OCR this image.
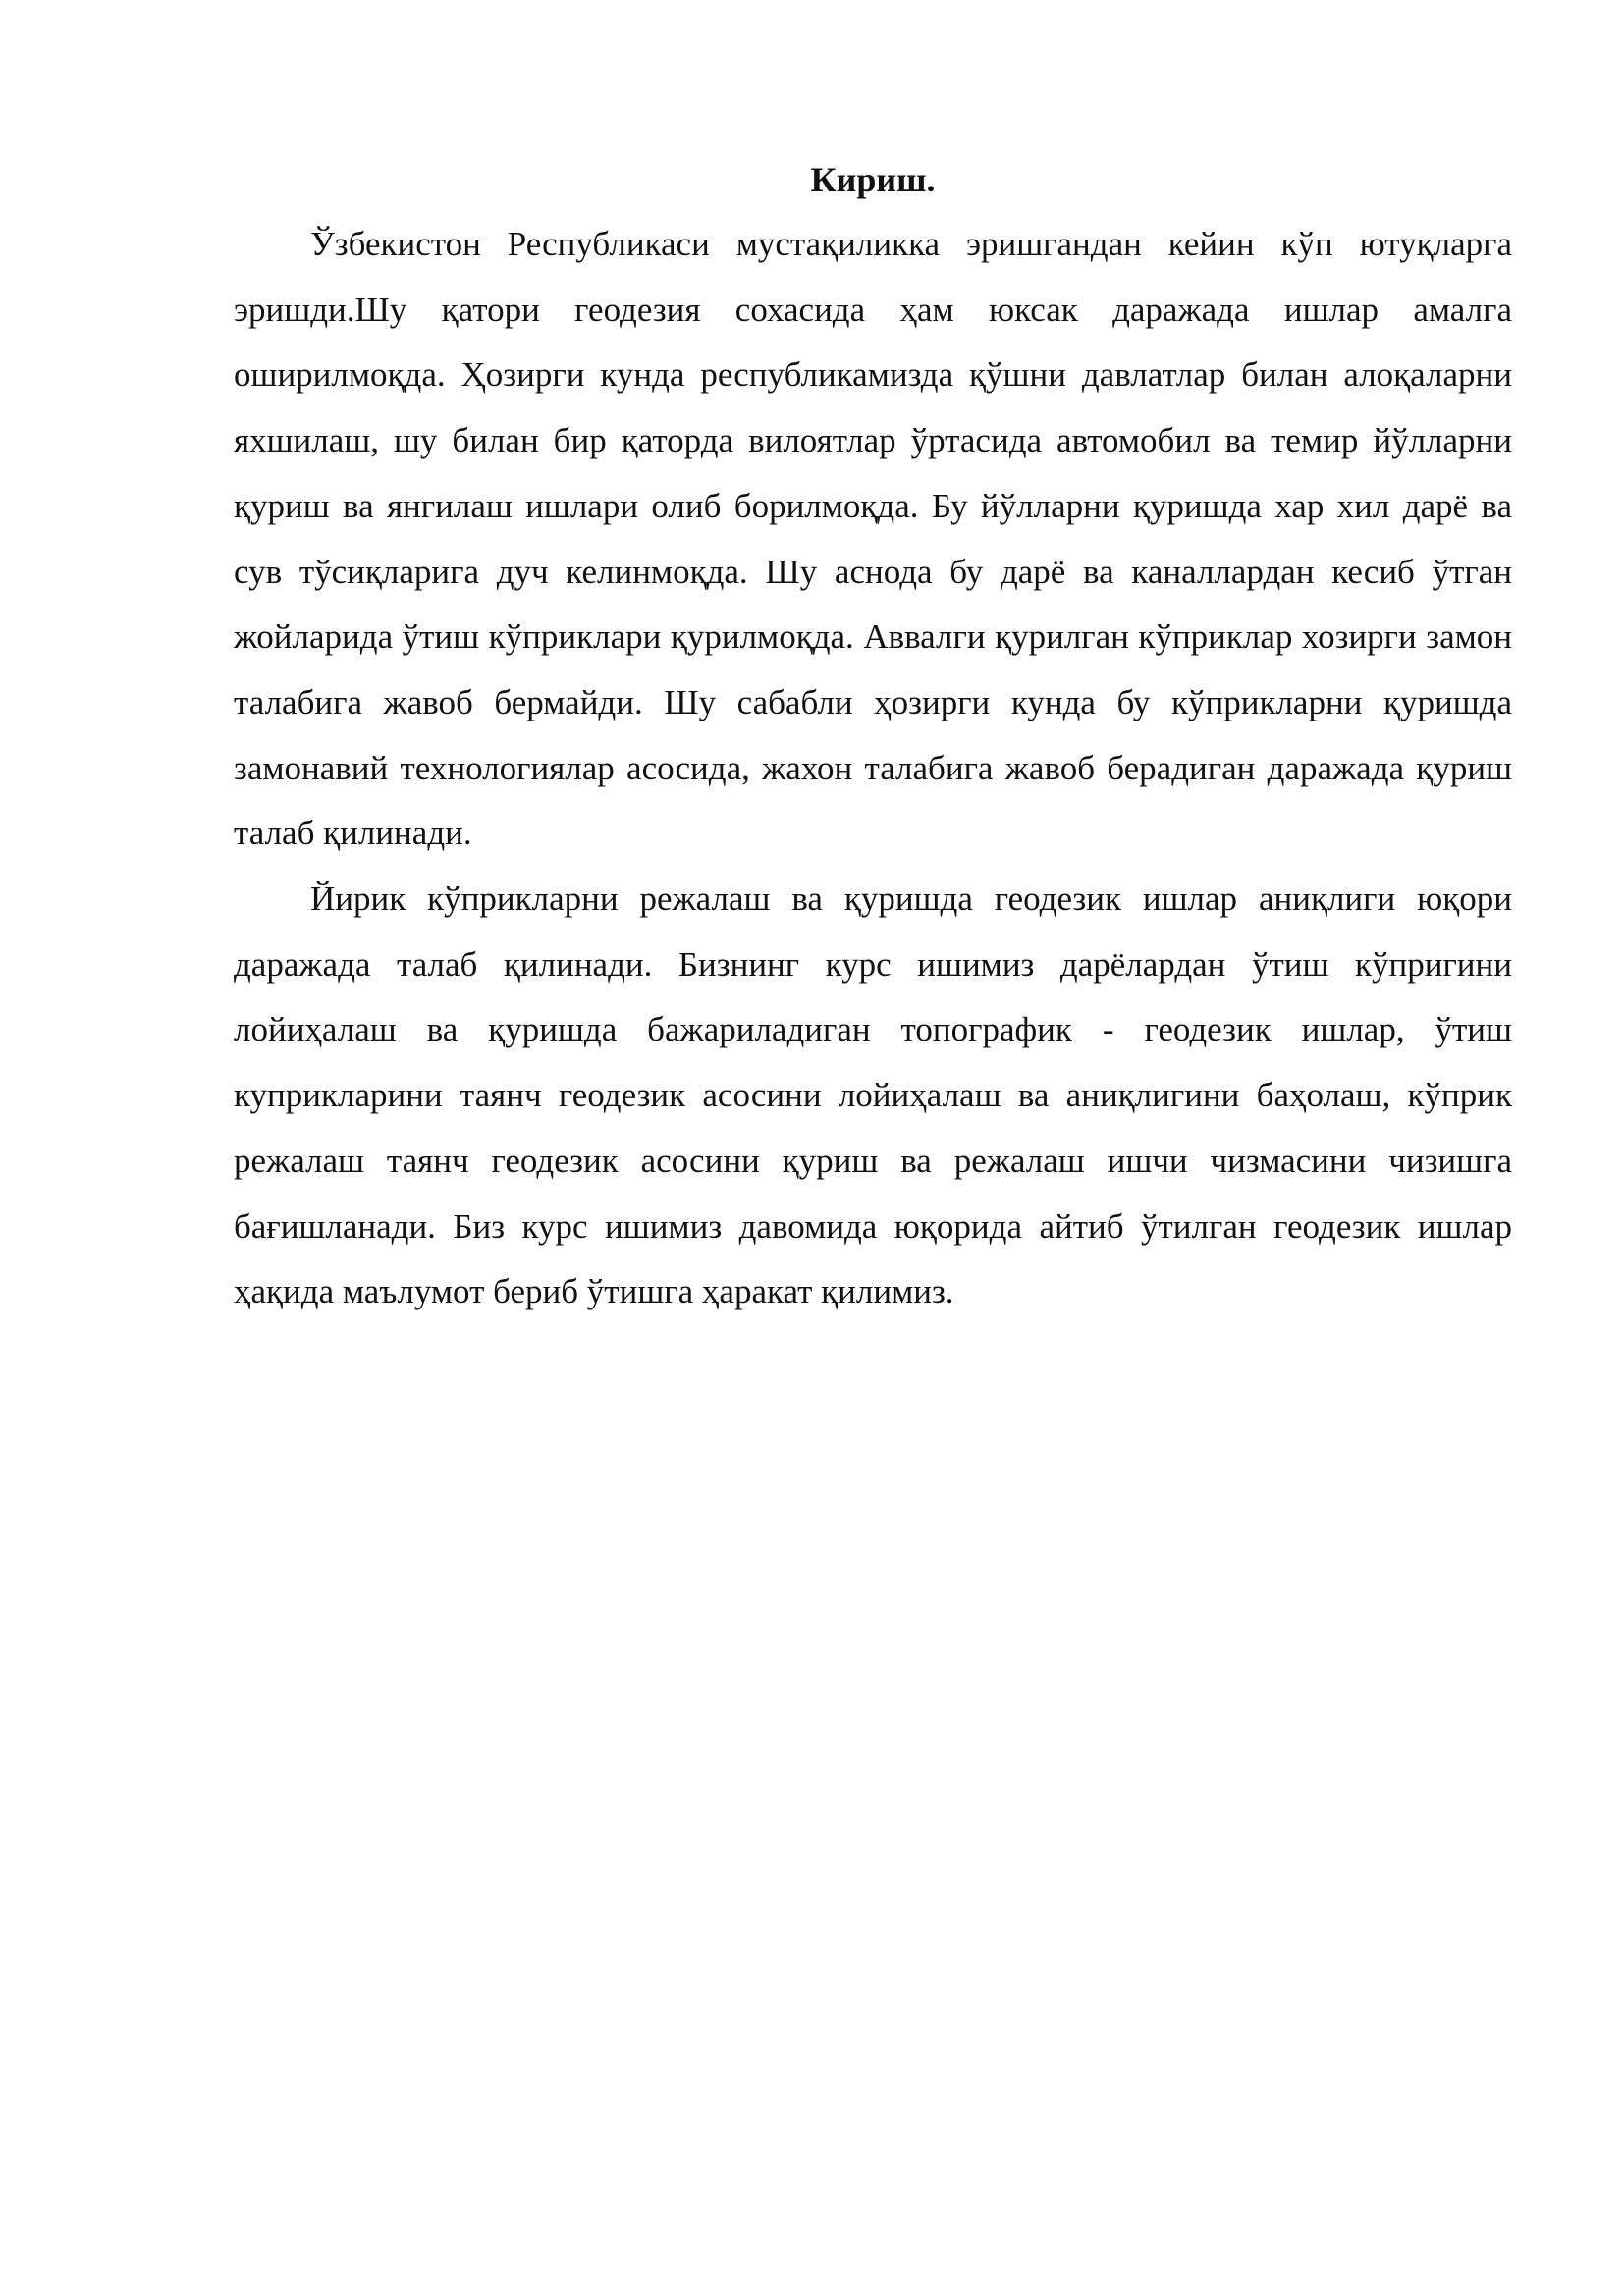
Кириш.

Ўзбекистон Республикаси мустақиликка эришгандан кейин кўп ютуқларга эришди.Шу қатори геодезия сохасида ҳам юксак даражада ишлар амалга оширилмоқда. Ҳозирги кунда республикамизда қўшни давлатлар билан алоқаларни яхшилаш, шу билан бир қаторда вилоятлар ўртасида автомобил ва темир йўлларни қуриш ва янгилаш ишлари олиб борилмоқда. Бу йўлларни қуришда хар хил дарё ва сув тўсиқларига дуч келинмоқда. Шу аснода бу дарё ва каналлардан кесиб ўтган жойларида ўтиш кўприклари қурилмоқда. Аввалги қурилган кўприклар хозирги замон талабига жавоб бермайди. Шу сабабли ҳозирги кунда бу кўприкларни қуришда замонавий технологиялар асосида, жахон талабига жавоб берадиган даражада қуриш талаб қилинади.

Йирик кўприкларни режалаш ва қуришда геодезик ишлар аниқлиги юқори даражада талаб қилинади. Бизнинг курс ишимиз дарёлардан ўтиш кўпригини лойиҳалаш ва қуришда бажариладиган топографик - геодезик ишлар, ўтиш куприкларини таянч геодезик асосини лойиҳалаш ва аниқлигини баҳолаш, кўприк режалаш таянч геодезик асосини қуриш ва режалаш ишчи чизмасини чизишга бағишланади. Биз курс ишимиз давомида юқорида айтиб ўтилган геодезик ишлар ҳақида маълумот бериб ўтишга ҳаракат қилимиз.
